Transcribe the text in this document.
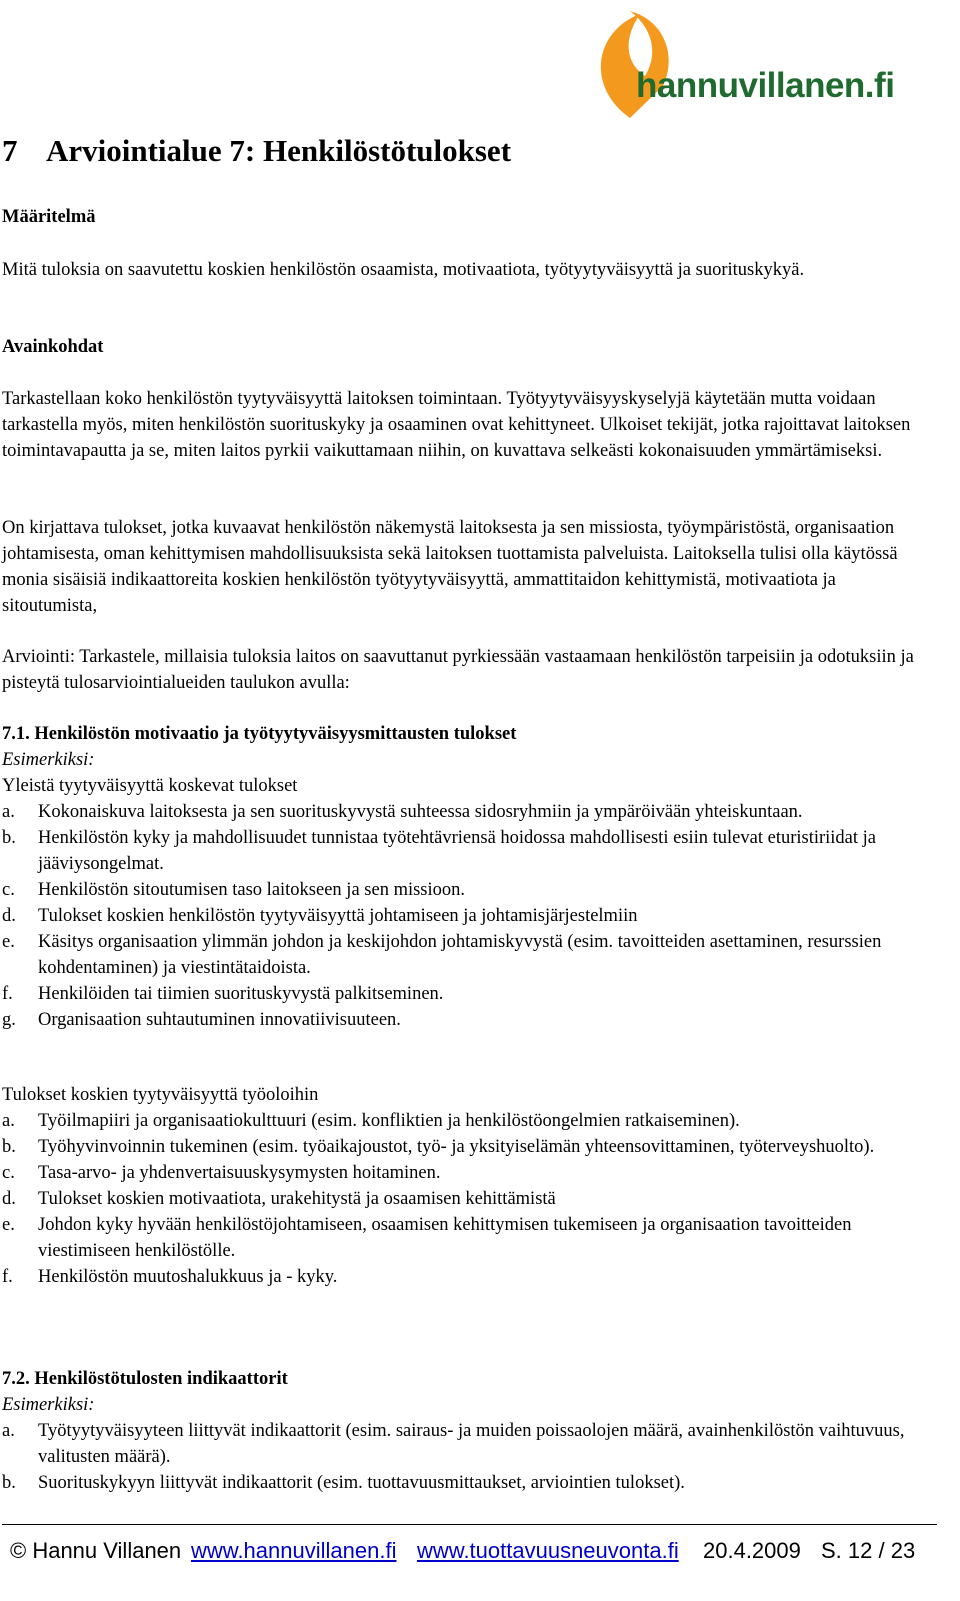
hannuvillanen.fi
7 Arviointialue 7: Henkilöstötulokset
Määritelmä
Mitä tuloksia on saavutettu koskien henkilöstön osaamista, motivaatiota, työtyytyväisyyttä ja suorituskykyä.
Avainkohdat
Tarkastellaan koko henkilöstön tyytyväisyyttä laitoksen toimintaan. Työtyytyväisyyskyselyjä käytetään mutta voidaan tarkastella myös, miten henkilöstön suorituskyky ja osaaminen ovat kehittyneet. Ulkoiset tekijät, jotka rajoittavat laitoksen toimintavapautta ja se, miten laitos pyrkii vaikuttamaan niihin, on kuvattava selkeästi kokonaisuuden ymmärtämiseksi.
On kirjattava tulokset, jotka kuvaavat henkilöstön näkemystä laitoksesta ja sen missiosta, työympäristöstä, organisaation johtamisesta, oman kehittymisen mahdollisuuksista sekä laitoksen tuottamista palveluista. Laitoksella tulisi olla käytössä monia sisäisiä indikaattoreita koskien henkilöstön työtyytyväisyyttä, ammattitaidon kehittymistä, motivaatiota ja sitoutumista,
Arviointi: Tarkastele, millaisia tuloksia laitos on saavuttanut pyrkiessään vastaamaan henkilöstön tarpeisiin ja odotuksiin ja pisteytä tulosarviointialueiden taulukon avulla:
7.1. Henkilöstön motivaatio ja työtyytyväisyysmittausten tulokset
Esimerkiksi:
Yleistä tyytyväisyyttä koskevat tulokset
a.	Kokonaiskuva laitoksesta ja sen suorituskyvystä suhteessa sidosryhmiin ja ympäröivään yhteiskuntaan.
b.	Henkilöstön kyky ja mahdollisuudet tunnistaa työtehtävriensä hoidossa mahdollisesti esiin tulevat eturistiriidat ja jääviysongelmat.
c.	Henkilöstön sitoutumisen taso laitokseen ja sen missioon.
d.	Tulokset koskien henkilöstön tyytyväisyyttä johtamiseen ja johtamisjärjestelmiin
e.	Käsitys organisaation ylimmän johdon ja keskijohdon johtamiskyvystä (esim. tavoitteiden asettaminen, resurssien kohdentaminen) ja viestintätaidoista.
f.	Henkilöiden tai tiimien suorituskyvystä palkitseminen.
g.	Organisaation suhtautuminen innovatiivisuuteen.
Tulokset koskien tyytyväisyyttä työoloihin
a.	Työilmapiiri ja organisaatiokulttuuri (esim. konfliktien ja henkilöstöongelmien ratkaiseminen).
b.	Työhyvinvoinnin tukeminen (esim. työaikajoustot, työ- ja yksityiselämän yhteensovittaminen, työterveyshuolto).
c.	Tasa-arvo- ja yhdenvertaisuuskysymysten hoitaminen.
d.	Tulokset koskien motivaatiota, urakehitystä ja osaamisen kehittämistä
e.	Johdon kyky hyvään henkilöstöjohtamiseen, osaamisen kehittymisen tukemiseen ja organisaation tavoitteiden viestimiseen henkilöstölle.
f.	Henkilöstön muutoshalukkuus ja - kyky.
7.2. Henkilöstötulosten indikaattorit
Esimerkiksi:
a.	Työtyytyväisyyteen liittyvät indikaattorit (esim. sairaus- ja muiden poissaolojen määrä, avainhenkilöstön vaihtuvuus, valitusten määrä).
b.	Suorituskykyyn liittyvät indikaattorit (esim. tuottavuusmittaukset, arviointien tulokset).
© Hannu Villanen www.hannuvillanen.fi www.tuottavuusneuvonta.fi 20.4.2009 S. 12 / 23
